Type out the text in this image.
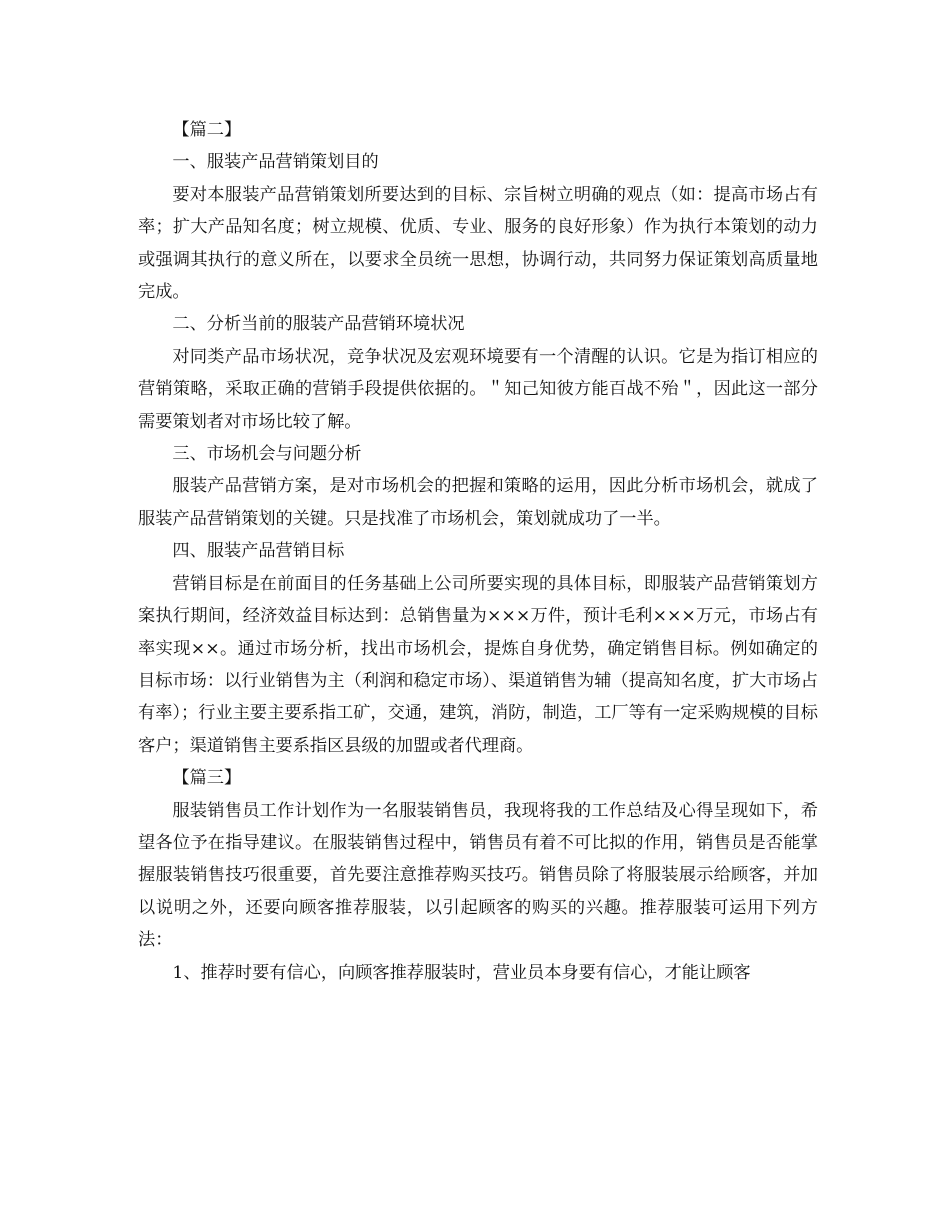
【篇二】

一、服装产品营销策划目的

要对本服装产品营销策划所要达到的目标、宗旨树立明确的观点（如：提高市场占有率；扩大产品知名度；树立规模、优质、专业、服务的良好形象）作为执行本策划的动力或强调其执行的意义所在，以要求全员统一思想，协调行动，共同努力保证策划高质量地完成。

二、分析当前的服装产品营销环境状况

对同类产品市场状况，竞争状况及宏观环境要有一个清醒的认识。它是为指订相应的营销策略，采取正确的营销手段提供依据的。＂知己知彼方能百战不殆＂，因此这一部分需要策划者对市场比较了解。

三、市场机会与问题分析

服装产品营销方案，是对市场机会的把握和策略的运用，因此分析市场机会，就成了服装产品营销策划的关键。只是找准了市场机会，策划就成功了一半。

四、服装产品营销目标

营销目标是在前面目的任务基础上公司所要实现的具体目标，即服装产品营销策划方案执行期间，经济效益目标达到：总销售量为×××万件，预计毛利×××万元，市场占有率实现××。通过市场分析，找出市场机会，提炼自身优势，确定销售目标。例如确定的目标市场：以行业销售为主（利润和稳定市场）、渠道销售为辅（提高知名度，扩大市场占有率）；行业主要主要系指工矿，交通，建筑，消防，制造，工厂等有一定采购规模的目标客户；渠道销售主要系指区县级的加盟或者代理商。

【篇三】

服装销售员工作计划作为一名服装销售员，我现将我的工作总结及心得呈现如下，希望各位予在指导建议。在服装销售过程中，销售员有着不可比拟的作用，销售员是否能掌握服装销售技巧很重要，首先要注意推荐购买技巧。销售员除了将服装展示给顾客，并加以说明之外，还要向顾客推荐服装，以引起顾客的购买的兴趣。推荐服装可运用下列方法：

1、推荐时要有信心，向顾客推荐服装时，营业员本身要有信心，才能让顾客
